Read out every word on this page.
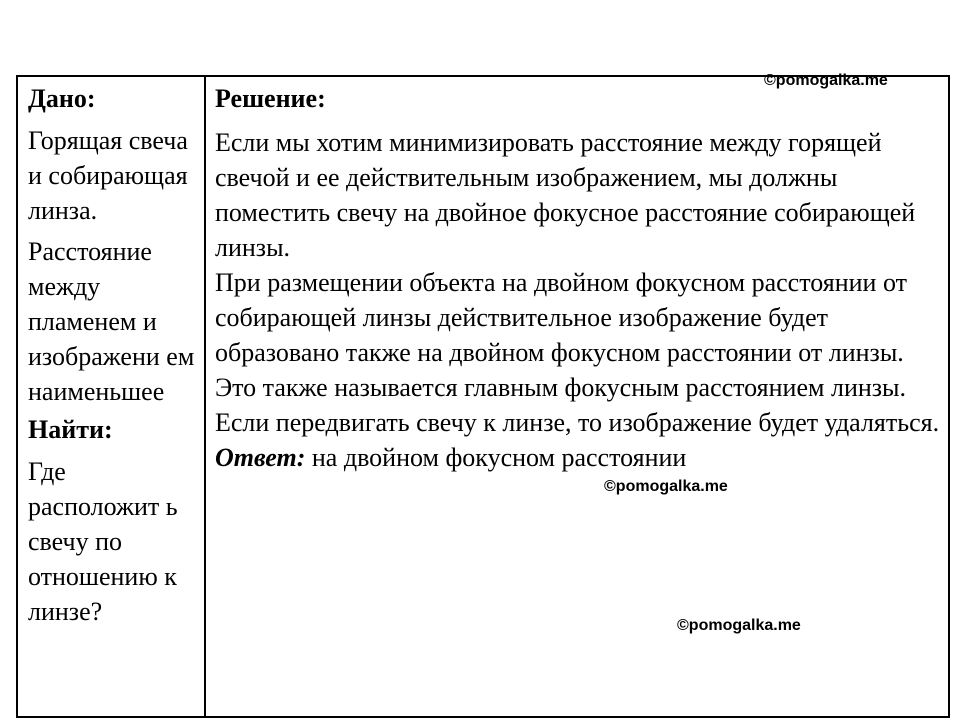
Дано:
Горящая свеча и собирающая линза.
Расстояние между пламенем и изображени ем наименьшее
Найти:
Где расположит ь свечу по отношению к линзе?
Решение:
Если мы хотим минимизировать расстояние между горящей свечой и ее действительным изображением, мы должны поместить свечу на двойное фокусное расстояние собирающей линзы.
При размещении объекта на двойном фокусном расстоянии от собирающей линзы действительное изображение будет образовано также на двойном фокусном расстоянии от линзы. Это также называется главным фокусным расстоянием линзы.
Если передвигать свечу к линзе, то изображение будет удаляться.
Ответ: на двойном фокусном расстоянии
©pomogalka.me
©pomogalka.me
©pomogalka.me
